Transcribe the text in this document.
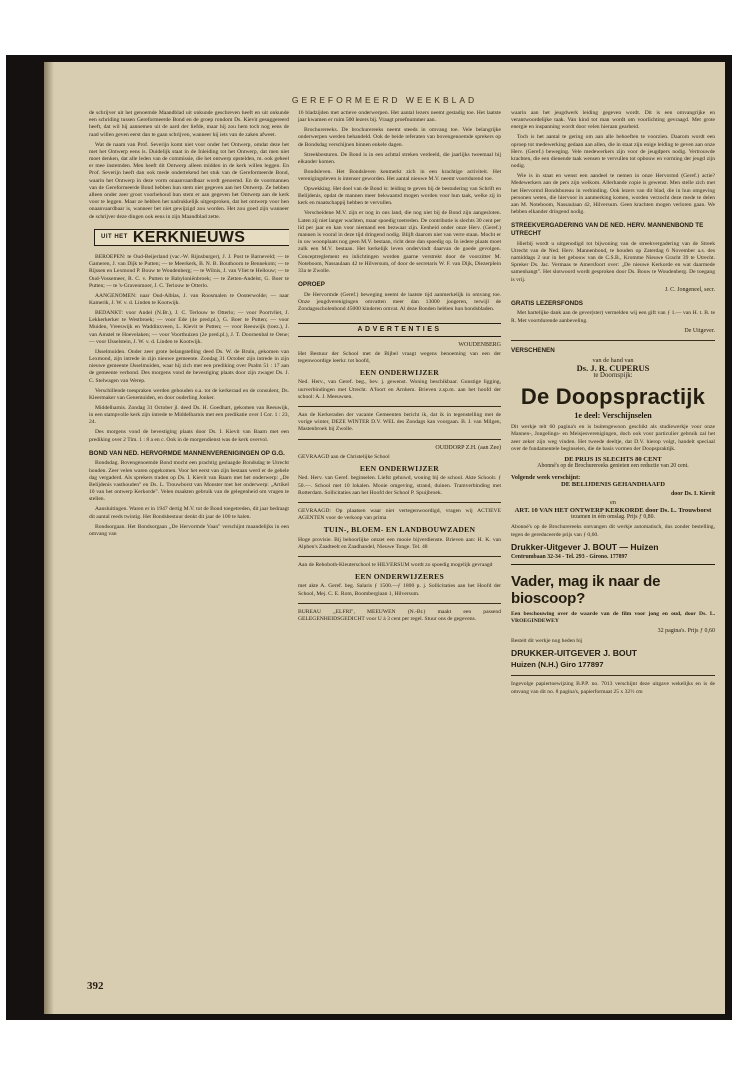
GEREFORMEERD WEEKBLAD

de schrijver uit het genoemde Maandblad uit onkunde geschreven heeft en uit onkunde een schriding tussen Gereformeerde Bond en de groep rondom Ds. Kievit gesuggereerd heeft, dat wil hij aannemen uit de aard der liefde, maar hij zou hem toch nog eens de raad willen geven eerst dan te gaan schrijven, wanneer hij iets van de zaken afweet.

Wat de naam van Prof. Severijn komt niet voor onder het Ontwerp, omdat deze het met het Ontwerp eens is. Duidelijk staat in de Inleiding tot het Ontwerp, dat men niet moet denken, dat alle leden van de commissie, die het ontwerp opstelden, m. ook geheel er mee instemden. Men heeft dit Ontwerp alleen midden in de kerk willen leggen. En Prof. Severijn heeft dan ook mede ondertekend het stuk van de Gereformeerde Bond, waarin het Ontwerp in deze vorm onaanvaardbaar wordt genoemd. En de voormannen van de Gereformeerde Bond hebben hun stem niet gegeven aan het Ontwerp. Ze hebben alleen onder zeer groot voorbehoud hun stem er aan gegeven het Ontwerp aan de kerk voor te leggen. Maar ze hebben het nadrukkelijk uitgesproken, dat het ontwerp voor hen onaanvaardbaar is, wanneer het niet gewijzigd zou worden. Het zou goed zijn wanneer de schrijver deze dingen ook eens in zijn Maandblad zette.

UIT HET KERKNIEUWS

BEROEPEN: te Oud-Beijerland (vac.-W. Rijnsburger), J. J. Post te Barneveld; — te Gameren, J. van Dijk te Putten; — te Meerkerk, B. N. B. Bouthoorn te Bennekom; — te Rijssen en Lexmond P. Bouw te Woudenberg; — te Wilnis, J. van Vliet te Hellouw; — te Oud-Vossemeer, R. C. v. Putten te Babyloniënbroek; — te Zetten-Andelst, G. Boer te Putten; — te 's-Gravenmoer, J. C. Terlouw te Otterlo.

AANGENOMEN: naar Oud-Alblas, J. van Roosmalen te Oosterwolde; — naar Kamerik, J. W. v. d. Linden te Kootwijk.

BEDANKT: voor Andel (N.Br.), J. C. Terlouw te Otterlo; — voor Poortvliet, J. Lekkerkerker te Westbroek; — voor Ede (4e pred.pl.), G. Boer te Putten; — voor Muiden, Vreeswijk en Waddinxveen, L. Kievit te Putten; — voor Reeuwijk (toez.), J. van Amstel te Hoevelaken; — voor Voorthuizen (2e pred.pl.), J. T. Doornenbal te Oene; — voor IJsselstein, J. W. v. d. Linden te Kootwijk.

IJsselmuiden. Onder zeer grote belangstelling deed Ds. W. de Bruin, gekomen van Lexmond, zijn intrede in zijn nieuwe gemeente. Zondag 31 October zijn intrede in zijn nieuwe gemeente IJsselmuiden, waar hij zich met een prediking over Psalm 51 : 17 aan de gemeente verbond. Des morgens vond de bevestiging plaats door zijn zwager Ds. J. C. Stelwagen van Werep.

Verschillende toespraken werden gehouden o.a. tot de kerkeraad en de consulent, Ds. Kleermaker van Genemuiden, en door ouderling Jonker.

Middelharnis. Zondag 31 October jl. deed Ds. H. Goedhart, gekomen van Reeuwijk, in een stampvolle kerk zijn intrede te Middelharnis met een predikatie over I Cor. 1 : 23, 24.

Des morgens vond de bevestiging plaats door Ds. I. Kievit van Baarn met een prediking over 2 Tim. 1 : 8 a en c. Ook in de morgendienst was de kerk overvol.

BOND VAN NED. HERVORMDE MANNENVERENIGINGEN OP G.G.

Bondsdag. Bovengenoemde Bond mocht een prachtig geslaagde Bondsdag te Utrecht houden. Zeer velen waren opgekomen. Voor het eerst van zijn bestaan werd er de gehele dag vergaderd. Als sprekers traden op Ds. I. Kievit van Baarn met het onderwerp: „De Belijdenis vasthouden" en Ds. L. Trouwborst van Monster met het onderwerp: „Artikel 10 van het ontwerp Kerkorde". Velen maakten gebruik van de gelegenheid om vragen te stellen.

Aansluitingen. Waren er in 1947 dertig M.V. tot de Bond toegetreden, dit jaar bedraagt dit aantal reeds twintig. Het Bondsbestuur denkt dit jaar de 100 te halen.

Bondsorgaan. Het Bondsorgaan „De Hervormde Vaan" verschijnt maandelijks in een omvang van

16 bladzijden met actieve onderwerpen. Het aantal lezers neemt gestadig toe. Het laatste jaar kwamen er ruim 500 lezers bij. Vraagt proefnummer aan.

Brochurereeks. De brochurereeks neemt steeds in omvang toe. Vele belangrijke onderwerpen werden behandeld. Ook de beide referaten van bovengenoemde sprekers op de Bondsdag verschijnen binnen enkele dagen.

Streekbesturen. De Bond is in een achttal streken verdeeld, die jaarlijks tweemaal bij elkander komen.

Bondsleven. Het Bondsleven kenmerkt zich in een krachtige activiteit. Het verenigingsleven is intenser geworden. Het aantal nieuwe M.V. neemt voortdurend toe.

Opwekking. Het doel van de Bond is: leiding te geven bij de bestudering van Schrift en Belijdenis, opdat de mannen meer bekwaamd mogen worden voor hun taak, welke zij in kerk en maatschappij hebben te vervullen.

Verscheidene M.V. zijn er nog in ons land, die nog niet bij de Bond zijn aangesloten. Laten zij niet langer wachten, maar spoedig toetreden. De contributie is slechts 30 cent per lid per jaar en kan voor niemand een bezwaar zijn. Eenheid onder onze Herv. (Geref.) mannen is vooral in deze tijd dringend nodig. Blijft daarom niet van verre staan. Mocht er in uw woonplaats nog geen M.V. bestaan, richt deze dan spoedig op. In iedere plaats moet zulk een M.V. bestaan. Het kerkelijk leven ondervindt daarvan de goede gevolgen. Conceptreglement en inlichtingen worden gaarne verstrekt door de voorzitter M. Noteboom, Nassaulaan 42 te Hilversum, of door de secretaris W. F. van Dijk, Diezerplein 33a te Zwolle.

OPROEP

De Hervormde (Geref.) beweging neemt de laatste tijd aanmerkelijk in omvang toe. Onze jeugdverenigingen omvatten meer dan 13000 jongeren, terwijl de Zondagsscholenbond 45000 kinderen omvat. Al deze Bonden hebben hun bondsbladen.

ADVERTENTIES
WOUDENBERG

Het Bestuur der School met de Bijbel vraagt wegens benoeming van een der tegenwoordige leerkr. tot hoofd,

EEN ONDERWIJZER

Ned. Herv., van Geref. beg., bev. j. gewenst. Woning beschikbaar. Gunstige ligging, uurverbindingen met Utrecht. A'foort en Arnhem. Brieven z.sp.m. aan het hoofd der school: A. J. Meeuwsen.

Aan de Kerkeraden der vacante Gemeenten bericht ik, dat ik in tegenstelling met de vorige winter, DEZE WINTER D.V. WEL des Zondags kan voorgaan. B. J. van Milgen, Mastenbroek bij Zwolle.

OUDDORP Z.H. (aan Zee)

GEVRAAGD aan de Christelijke School

EEN ONDERWIJZER

Ned. Herv. van Geref. beginselen. Liefst gehuwd, woning bij de school. Akte Schoolr. ƒ 50.—. School met 10 lokalen. Mooie omgeving, strand, duinen. Tramverbinding met Rotterdam. Sollicitaties aan het Hoofd der School P. Spuijbroek.

GEVRAAGD: Op plaatsen waar niet vertegenwoordigd, vragen wij ACTIEVE AGENTEN voor de verkoop van prima

TUIN-, BLOEM- EN LANDBOUWZADEN

Hoge provisie. Bij behoorlijke omzet een mooie bijverdienste. Brieven aan: H. K. van Alphen's Zaadteelt en Zaadhandel, Nieuwe Tonge. Tel. 48

Aan de Rehoboth-Kleuterschool te HILVERSUM wordt zo spoedig mogelijk gevraagd

EEN ONDERWIJZERES

met akte A. Geref. beg. Salaris ƒ 1500.—ƒ 1800 p. j. Sollicitaties aan het Hoofd der School, Mej. C. E. Rom, Boomberglaan 1, Hilversum.

BUREAU „ELFRI", MEEUWEN (N.-Br.) maakt een passend GELEGENHEIDSGEDICHT voor U à 3 cent per regel. Stuur ons de gegevens.

waarin aan het jeugdwerk leiding gegeven wordt. Dit is een omvangrijke en verantwoordelijke taak. Van kind tot man wordt om voorlichting gevraagd. Met grote energie en inspanning wordt door velen hieraan gearbeid.

Toch is het aantal te gering om aan alle behoeften te voorzien. Daarom wordt een oproep tot medewerking gedaan aan allen, die in staat zijn enige leiding te geven aan onze Herv. (Geref.) beweging. Vele medewerkers zijn voor de jeugdpers nodig. Vertrouwde krachten, die een dienende taak wensen te vervullen tot opbouw en vorming der jeugd zijn nodig.

Wie is in staat en wenst een aandeel te nemen in onze Hervormd (Geref.) actie? Medewerkers aan de pers zijn welkom. Allerhande copie is gewenst. Men stelle zich met het Hervormd Bondsbureau in verbinding. Ook lezers van dit blad, die in hun omgeving personen weten, die hiervoor in aanmerking komen, worden verzocht deze mede te delen aan M. Noteboom, Nassaulaan 42, Hilversum. Geen krachten mogen verloren gaan. We hebben elkander dringend nodig.

STREEKVERGADERING VAN DE NED. HERV. MANNENBOND TE UTRECHT

Hierbij wordt u uitgenodigd tot bijwoning van de streekvergadering van de Streek Utrecht van de Ned. Herv. Mannenbond, te houden op Zaterdag 6 November a.s. des namiddags 2 uur in het gebouw van de C.S.B., Kromme Nieuwe Gracht 39 te Utrecht. Spreker Ds. Jac. Vermaas te Amersfoort over: „De nieuwe Kerkorde en wat daarmede samenhangt". Het slotwoord wordt gesproken door Ds. Bouw te Woudenberg. De toegang is vrij.

J. C. Jongeneel, secr.
GRATIS LEZERSFONDS

Met hartelijke dank aan de gever(ster) vermelden wij een gift van ƒ 1.— van H. t. B. te R. Met voortdurende aanbeveling.

De Uitgever.
VERSCHENEN
van de hand van
Ds. J. R. CUPERUS
te Doornspijk:
De Doopspractijk
1e deel: Verschijnselen

Dit werkje telt 60 pagina's en is buitengewoon geschikt als studiewerkje voor onze Mannen-, Jongelings- en Meisjesverenigingen, doch ook voor particulier gebruik zal het zeer zeker zijn weg vinden. Het tweede deeltje, dat D.V. hierop volgt, handelt speciaal over de fundamentele beginselen, die de basis vormen der Doopspraktijk.

DE PRIJS IS SLECHTS 80 CENT
Abonné's op de Brochurereeks genieten een reductie van 20 cent.
Volgende week verschijnt:
DE BELIJDENIS GEHANDHAAFD
door Ds. I. Kievit
en
ART. 10 VAN HET ONTWERP KERKORDE door Ds. L. Trouwborst
tezamen in één omslag. Prijs ƒ 0,80.

Abonné's op de Brochurereeks ontvangen dit werkje automatisch, dus zonder bestelling, tegen de gereduceerde prijs van ƒ 0,60.

Drukker-Uitgever J. BOUT — Huizen
Centrumbaan 32-34 - Tel. 293 - Girono. 177897
Vader, mag ik naar de bioscoop?

Een beschouwing over de waarde van de film voor jong en oud, door Ds. L. VROEGINDEWEY

32 pagina's. Prijs ƒ 0,60

Bestelt dit werkje nog heden bij

DRUKKER-UITGEVER J. BOUT
Huizen (N.H.) Giro 177897

Ingevolge papiertoewijzing B.P.P. no. 7013 verschijnt deze uitgave wekelijks en is de omvang van dit no. 8 pagina's, papierformaat 25 x 32½ cm

392
